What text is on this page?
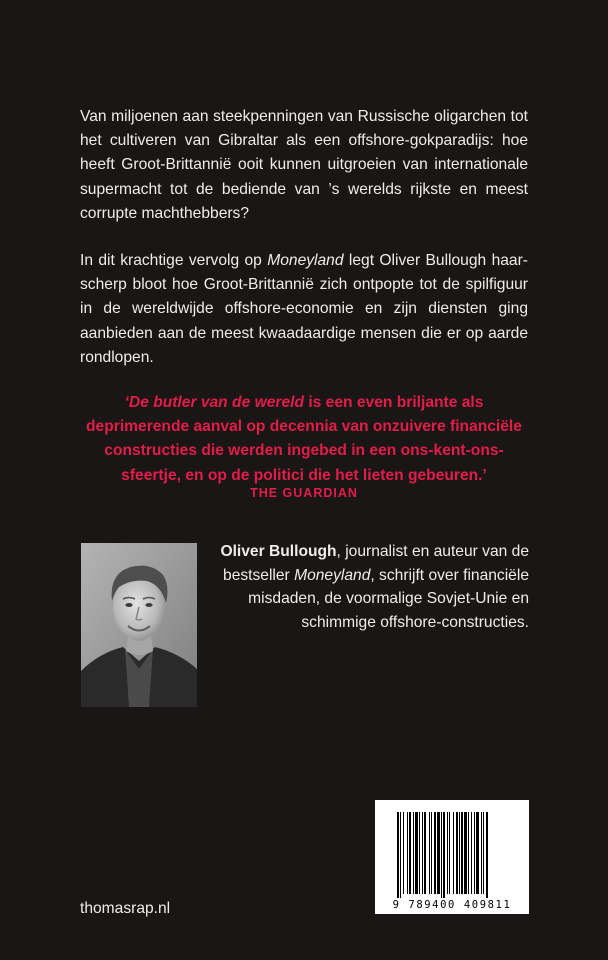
Van miljoenen aan steekpenningen van Russische oligarchen tot het cultiveren van Gibraltar als een offshore-gokparadijs: hoe heeft Groot-Brittannië ooit kunnen uitgroeien van internationale supermacht tot de bediende van ’s werelds rijkste en meest corrupte machthebbers?

In dit krachtige vervolg op Moneyland legt Oliver Bullough haarscherp bloot hoe Groot-Brittannië zich ontpopte tot de spilfiguur in de wereldwijde offshore-economie en zijn diensten ging aanbieden aan de meest kwaadaardige mensen die er op aarde rondlopen.

‘De butler van de wereld is een even briljante als deprimerende aanval op decennia van onzuivere financiële constructies die werden ingebed in een ons-kent-ons-sfeertje, en op de politici die het lieten gebeuren.’

THE GUARDIAN

Oliver Bullough, journalist en auteur van de bestseller Moneyland, schrijft over financiële misdaden, de voormalige Sovjet-Unie en schimmige offshore-constructies.

9 789400 409811
thomasrap.nl
